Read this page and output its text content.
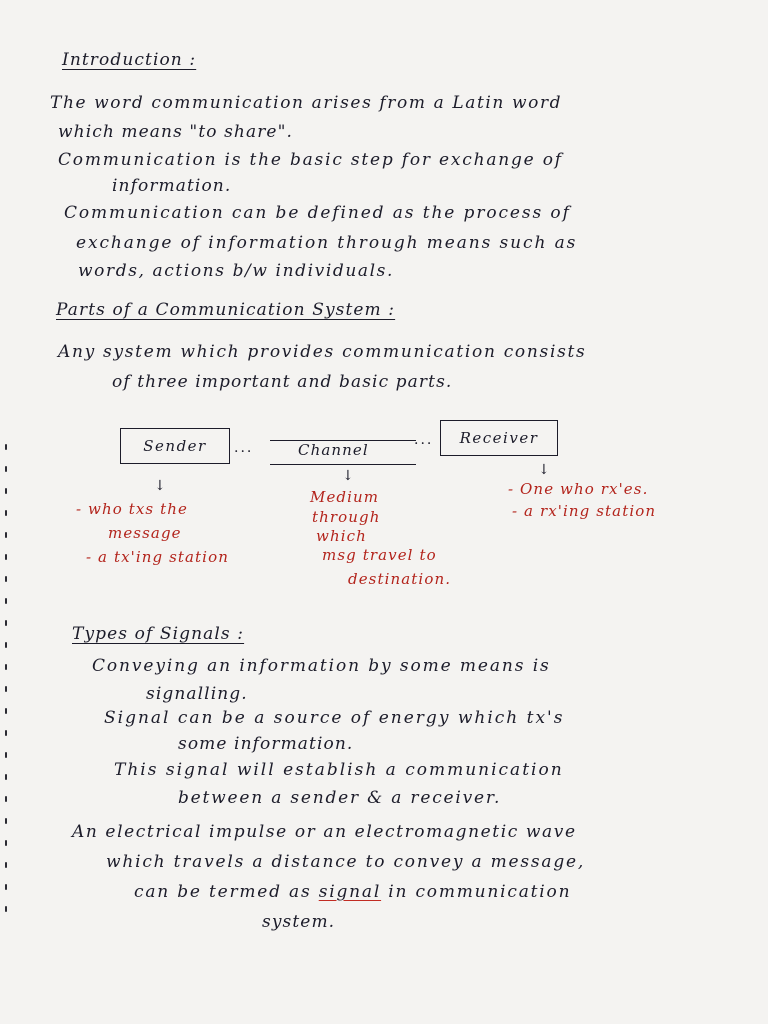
Introduction :
The word communication arises from a Latin word
which means "to share".
Communication is the basic step for exchange of
information.
Communication can be defined as the process of
exchange of information through means such as
words, actions b/w individuals.
Parts of a Communication System :
Any system which provides communication consists
of three important and basic parts.
Sender	...	Channel
...	Receiver
↓
↓	↓
- who txs the
message
- a tx'ing station
Medium
through
which
msg travel to
destination.
- One who rx'es.
- a rx'ing station
Types of Signals :
Conveying an information by some means is
signalling.
Signal can be a source of energy which tx's
some information.
This signal will establish a communication
between a sender & a receiver.
An electrical impulse or an electromagnetic wave
which travels a distance to convey a message,
can be termed as signal in communication
system.
